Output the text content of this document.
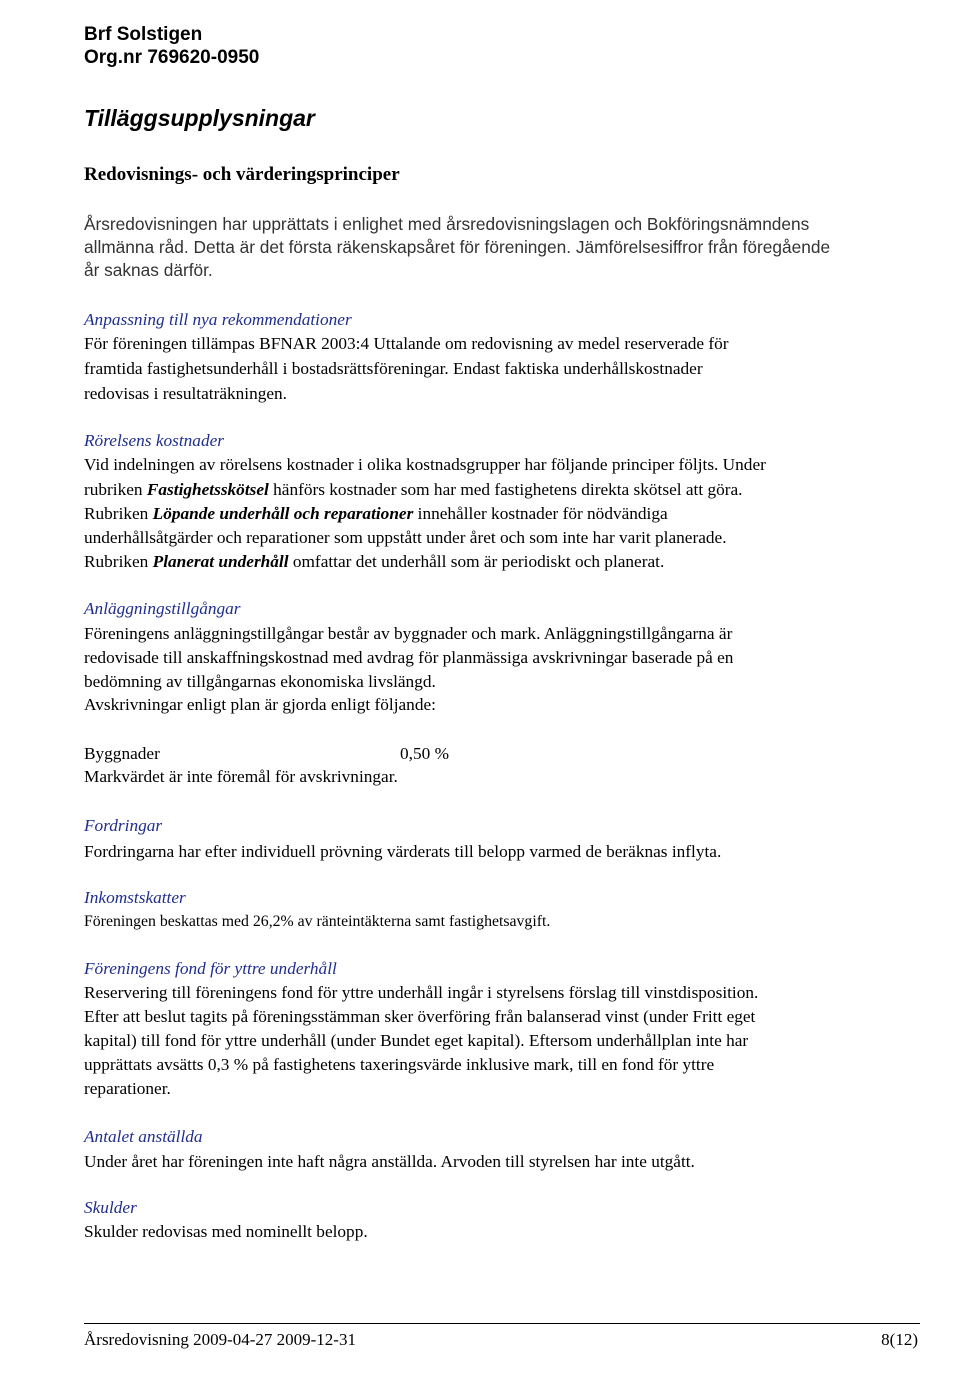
Brf Solstigen
Org.nr 769620-0950
Tilläggsupplysningar
Redovisnings- och värderingsprinciper
Årsredovisningen har upprättats i enlighet med årsredovisningslagen och Bokföringsnämndens
allmänna råd. Detta är det första räkenskapsåret för föreningen. Jämförelsesiffror från föregående
år saknas därför.
Anpassning till nya rekommendationer
För föreningen tillämpas BFNAR 2003:4 Uttalande om redovisning av medel reserverade för
framtida fastighetsunderhåll i bostadsrättsföreningar. Endast faktiska underhållskostnader
redovisas i resultaträkningen.
Rörelsens kostnader
Vid indelningen av rörelsens kostnader i olika kostnadsgrupper har följande principer följts. Under
rubriken Fastighetsskötsel hänförs kostnader som har med fastighetens direkta skötsel att göra.
Rubriken Löpande underhåll och reparationer innehåller kostnader för nödvändiga
underhållsåtgärder och reparationer som uppstått under året och som inte har varit planerade.
Rubriken Planerat underhåll omfattar det underhåll som är periodiskt och planerat.
Anläggningstillgångar
Föreningens anläggningstillgångar består av byggnader och mark. Anläggningstillgångarna är
redovisade till anskaffningskostnad med avdrag för planmässiga avskrivningar baserade på en
bedömning av tillgångarnas ekonomiska livslängd.
Avskrivningar enligt plan är gjorda enligt följande:
Byggnader	0,50 %
Markvärdet är inte föremål för avskrivningar.
Fordringar
Fordringarna har efter individuell prövning värderats till belopp varmed de beräknas inflyta.
Inkomstskatter
Föreningen beskattas med 26,2% av ränteintäkterna samt fastighetsavgift.
Föreningens fond för yttre underhåll
Reservering till föreningens fond för yttre underhåll ingår i styrelsens förslag till vinstdisposition.
Efter att beslut tagits på föreningsstämman sker överföring från balanserad vinst (under Fritt eget
kapital) till fond för yttre underhåll (under Bundet eget kapital). Eftersom underhållplan inte har
upprättats avsätts 0,3 % på fastighetens taxeringsvärde inklusive mark, till en fond för yttre
reparationer.
Antalet anställda
Under året har föreningen inte haft några anställda. Arvoden till styrelsen har inte utgått.
Skulder
Skulder redovisas med nominellt belopp.
Årsredovisning 2009-04-27 2009-12-31	8(12)
